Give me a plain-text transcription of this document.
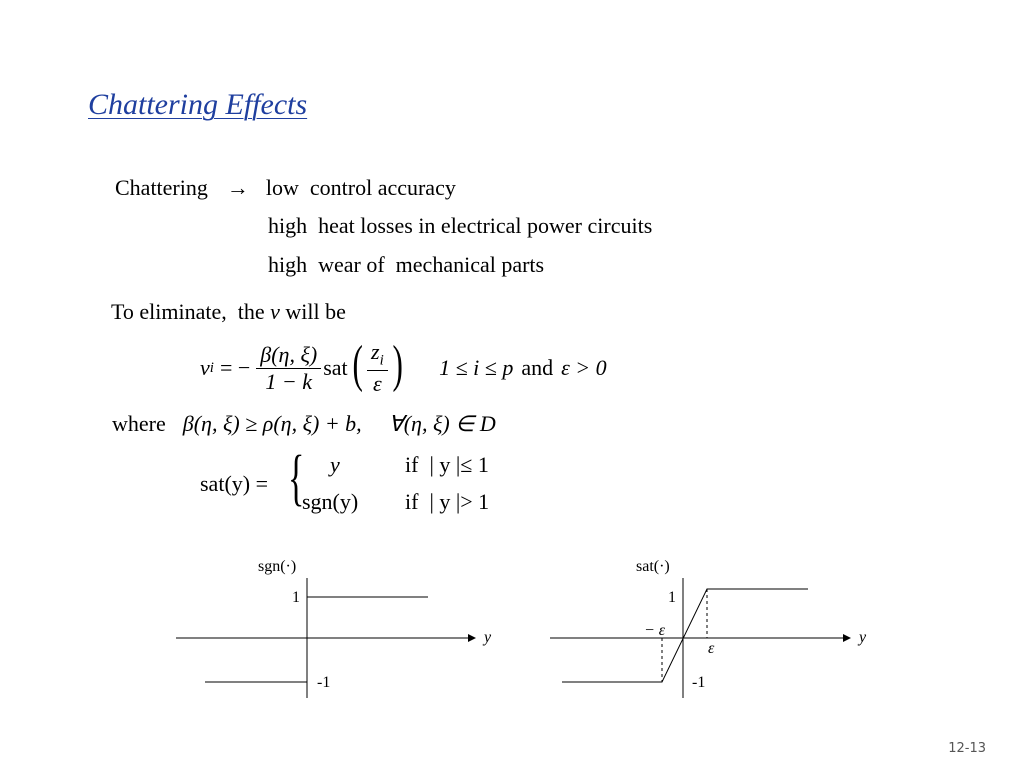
Chattering Effects
Chattering → low  control accuracy
high  heat losses in electrical power circuits
high  wear of  mechanical parts
To eliminate,  the v will be
v i = − $\frac{\beta(\eta, \xi)}{1 - k}$ sat ( $\frac{z_i}{\varepsilon}$ ) 1 ≤ i ≤ p and ε > 0
where β(η, ξ) ≥ ρ(η, ξ) + b, ∀(η, ξ) ∈ D
sat(y) = { y	if  | y |≤ 1
sgn(y) if  | y |> 1
sgn(·)
y
1
-1
sat(·)
y
1
-1
− ε
ε
12-13
